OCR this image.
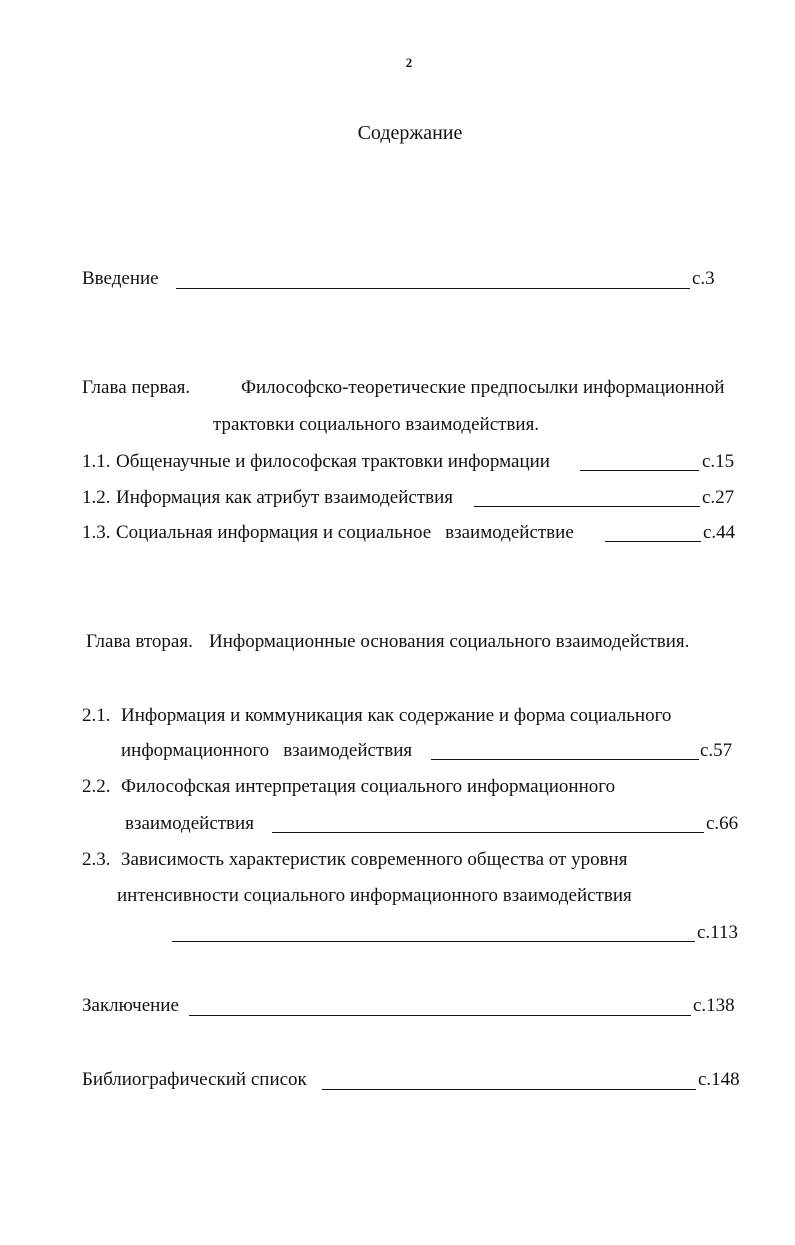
2
Содержание
Введение	с.3
Глава первая.	Философско-теоретические предпосылки информационной
трактовки социального взаимодействия.
1.1. Общенаучные и философская трактовки информации	с.15
1.2. Информация как атрибут взаимодействия	с.27
1.3. Социальная информация и социальное взаимодействие	с.44
Глава вторая. Информационные основания социального взаимодействия.
2.1. Информация и коммуникация как содержание и форма социального
информационного взаимодействия	с.57
2.2. Философская интерпретация социального информационного
взаимодействия	с.66
2.3. Зависимость характеристик современного общества от уровня
интенсивности социального информационного взаимодействия
с.113
Заключение	с.138
Библиографический список	с.148
